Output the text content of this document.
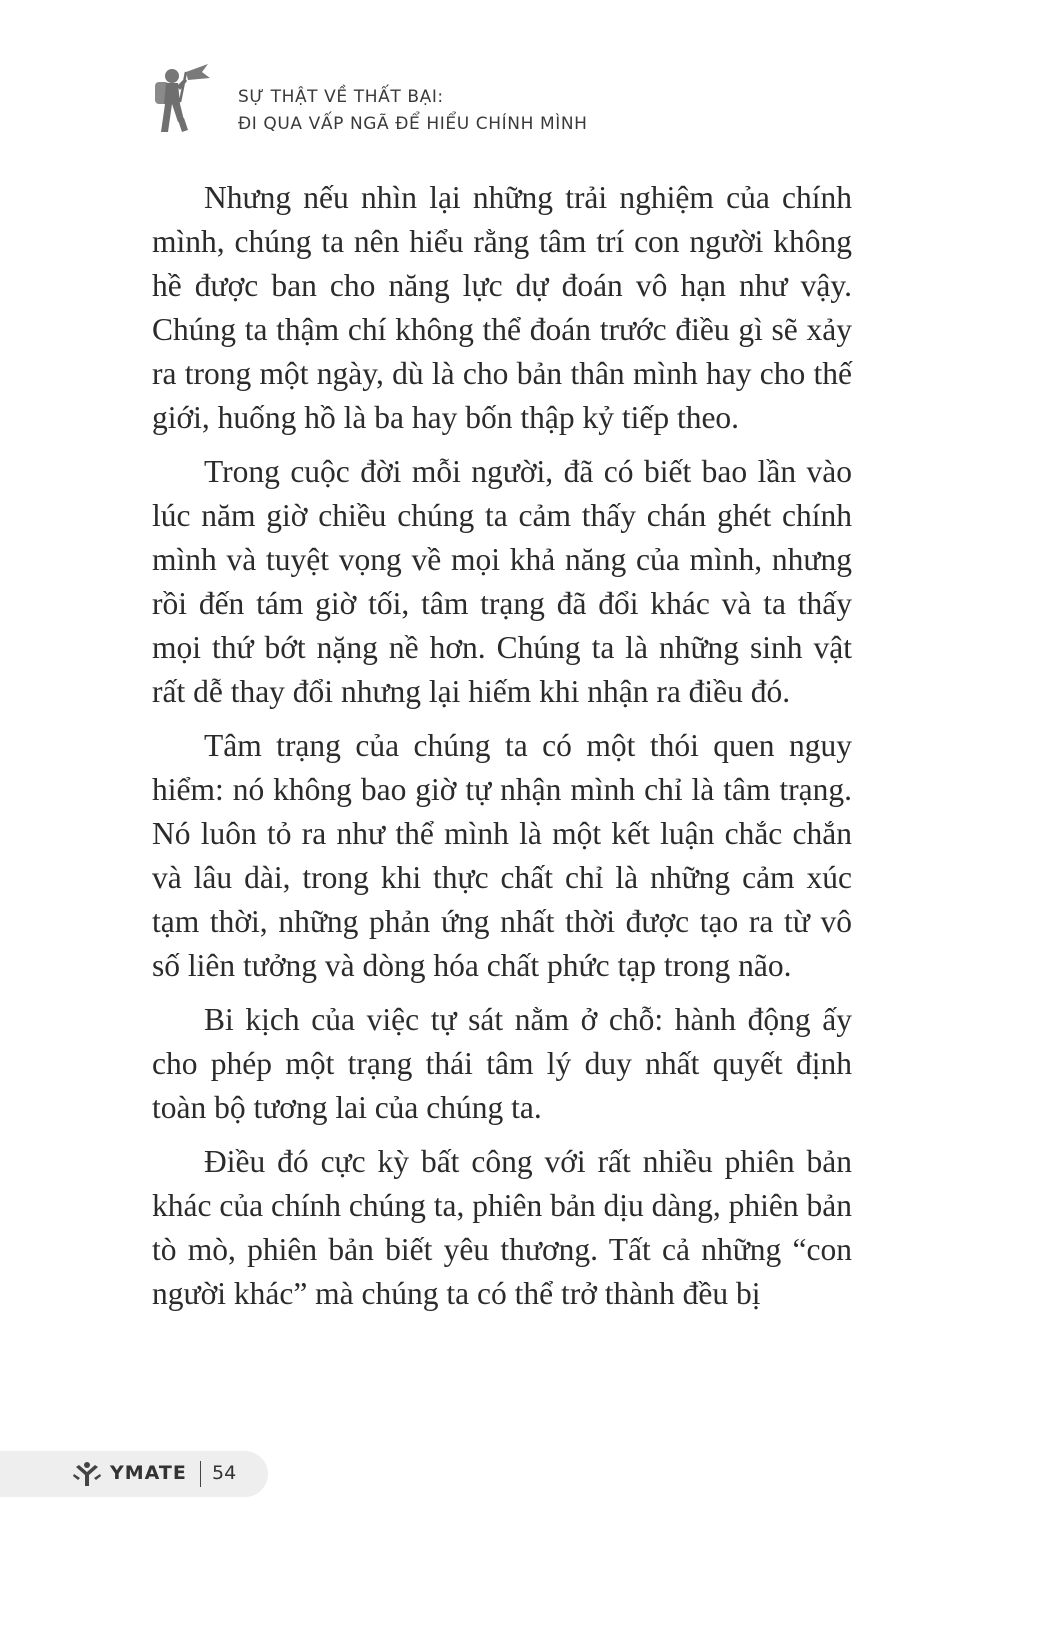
SỰ THẬT VỀ THẤT BẠI:
ĐI QUA VẤP NGÃ ĐỂ HIỂU CHÍNH MÌNH

Nhưng nếu nhìn lại những trải nghiệm của chính mình, chúng ta nên hiểu rằng tâm trí con người không hề được ban cho năng lực dự đoán vô hạn như vậy. Chúng ta thậm chí không thể đoán trước điều gì sẽ xảy ra trong một ngày, dù là cho bản thân mình hay cho thế giới, huống hồ là ba hay bốn thập kỷ tiếp theo.

Trong cuộc đời mỗi người, đã có biết bao lần vào lúc năm giờ chiều chúng ta cảm thấy chán ghét chính mình và tuyệt vọng về mọi khả năng của mình, nhưng rồi đến tám giờ tối, tâm trạng đã đổi khác và ta thấy mọi thứ bớt nặng nề hơn. Chúng ta là những sinh vật rất dễ thay đổi nhưng lại hiếm khi nhận ra điều đó.

Tâm trạng của chúng ta có một thói quen nguy hiểm: nó không bao giờ tự nhận mình chỉ là tâm trạng. Nó luôn tỏ ra như thể mình là một kết luận chắc chắn và lâu dài, trong khi thực chất chỉ là những cảm xúc tạm thời, những phản ứng nhất thời được tạo ra từ vô số liên tưởng và dòng hóa chất phức tạp trong não.

Bi kịch của việc tự sát nằm ở chỗ: hành động ấy cho phép một trạng thái tâm lý duy nhất quyết định toàn bộ tương lai của chúng ta.

Điều đó cực kỳ bất công với rất nhiều phiên bản khác của chính chúng ta, phiên bản dịu dàng, phiên bản tò mò, phiên bản biết yêu thương. Tất cả những “con người khác” mà chúng ta có thể trở thành đều bị

YMATE 54
